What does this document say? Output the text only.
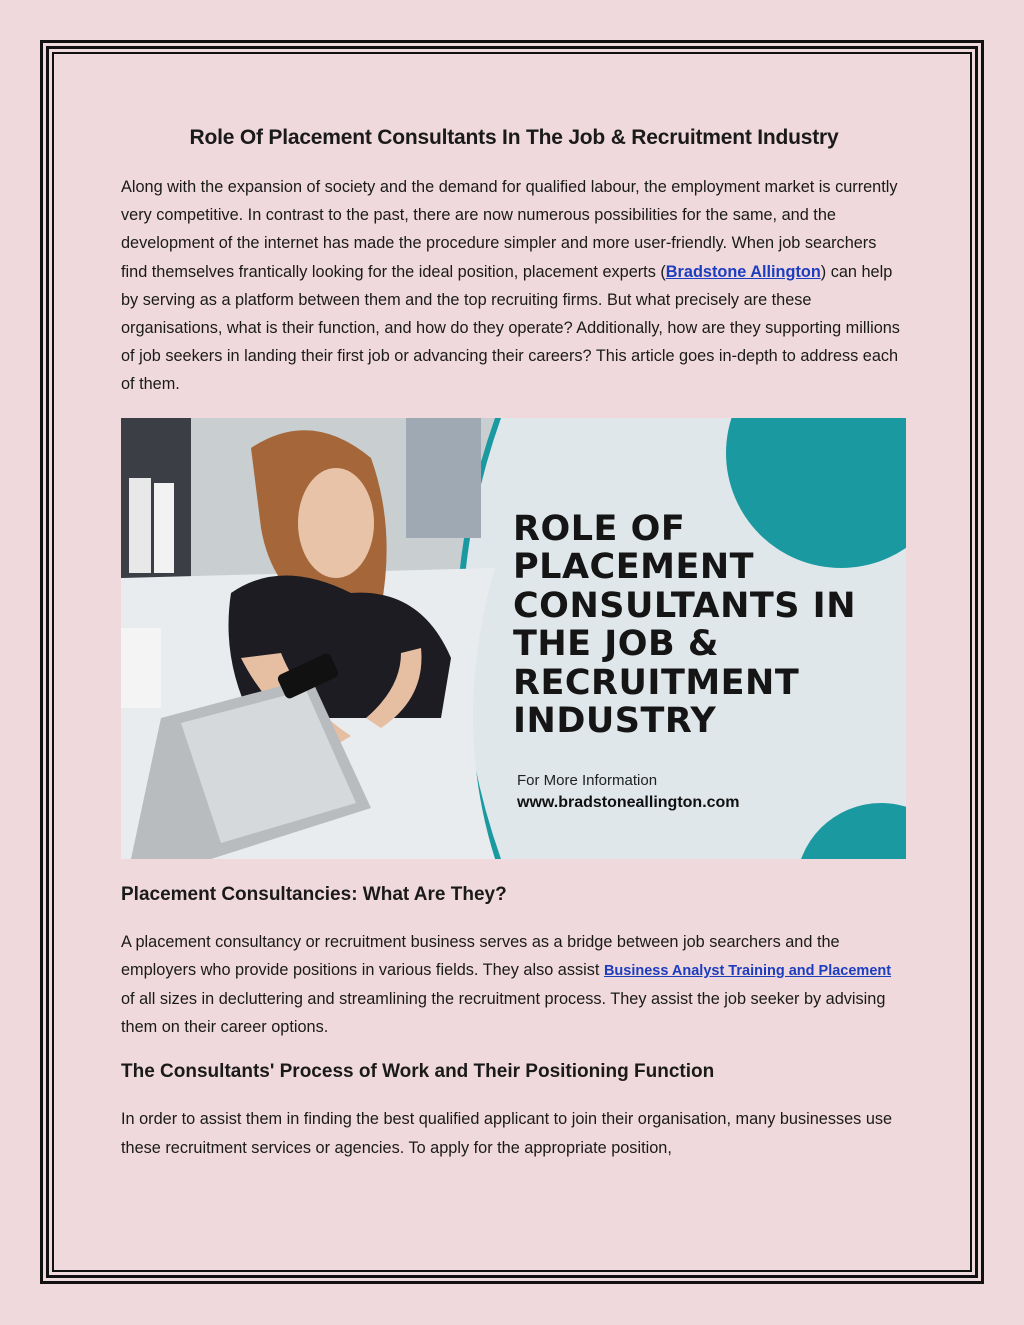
Role Of Placement Consultants In The Job & Recruitment Industry

Along with the expansion of society and the demand for qualified labour, the employment market is currently very competitive. In contrast to the past, there are now numerous possibilities for the same, and the development of the internet has made the procedure simpler and more user-friendly. When job searchers find themselves frantically looking for the ideal position, placement experts (Bradstone Allington) can help by serving as a platform between them and the top recruiting firms. But what precisely are these organisations, what is their function, and how do they operate? Additionally, how are they supporting millions of job seekers in landing their first job or advancing their careers? This article goes in-depth to address each of them.

ROLE OF
PLACEMENT
CONSULTANTS IN
THE JOB &
RECRUITMENT
INDUSTRY
For More Information
www.bradstoneallington.com
Placement Consultancies: What Are They?

A placement consultancy or recruitment business serves as a bridge between job searchers and the employers who provide positions in various fields. They also assist Business Analyst Training and Placement of all sizes in decluttering and streamlining the recruitment process. They assist the job seeker by advising them on their career options.

The Consultants' Process of Work and Their Positioning Function

In order to assist them in finding the best qualified applicant to join their organisation, many businesses use these recruitment services or agencies. To apply for the appropriate position,
